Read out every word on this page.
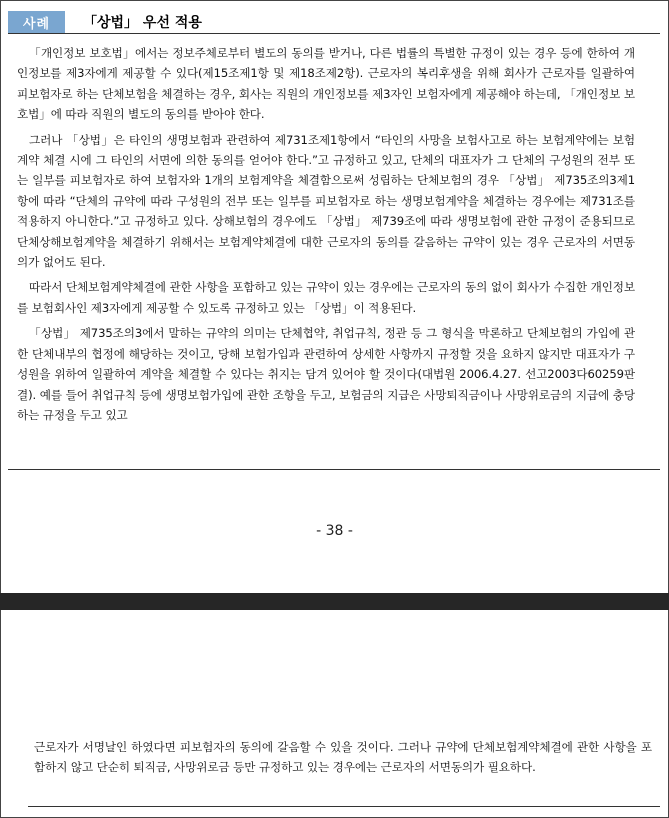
사례	「상법」 우선 적용

「개인정보 보호법」에서는 정보주체로부터 별도의 동의를 받거나, 다른 법률의 특별한 규정이 있는 경우 등에 한하여 개인정보를 제3자에게 제공할 수 있다(제15조제1항 및 제18조제2항). 근로자의 복리후생을 위해 회사가 근로자를 일괄하여 피보험자로 하는 단체보험을 체결하는 경우, 회사는 직원의 개인정보를 제3자인 보험자에게 제공해야 하는데, 「개인정보 보호법」에 따라 직원의 별도의 동의를 받아야 한다.

그러나 「상법」은 타인의 생명보험과 관련하여 제731조제1항에서 “타인의 사망을 보험사고로 하는 보험계약에는 보험계약 체결 시에 그 타인의 서면에 의한 동의를 얻어야 한다.”고 규정하고 있고, 단체의 대표자가 그 단체의 구성원의 전부 또는 일부를 피보험자로 하여 보험자와 1개의 보험계약을 체결함으로써 성립하는 단체보험의 경우 「상법」 제735조의3제1항에 따라 “단체의 규약에 따라 구성원의 전부 또는 일부를 피보험자로 하는 생명보험계약을 체결하는 경우에는 제731조를 적용하지 아니한다.”고 규정하고 있다. 상해보험의 경우에도 「상법」 제739조에 따라 생명보험에 관한 규정이 준용되므로 단체상해보험계약을 체결하기 위해서는 보험계약체결에 대한 근로자의 동의를 갈음하는 규약이 있는 경우 근로자의 서면동의가 없어도 된다.

따라서 단체보험계약체결에 관한 사항을 포함하고 있는 규약이 있는 경우에는 근로자의 동의 없이 회사가 수집한 개인정보를 보험회사인 제3자에게 제공할 수 있도록 규정하고 있는 「상법」이 적용된다.

「상법」 제735조의3에서 말하는 규약의 의미는 단체협약, 취업규칙, 정관 등 그 형식을 막론하고 단체보험의 가입에 관한 단체내부의 협정에 해당하는 것이고, 당해 보험가입과 관련하여 상세한 사항까지 규정할 것을 요하지 않지만 대표자가 구성원을 위하여 일괄하여 계약을 체결할 수 있다는 취지는 담겨 있어야 할 것이다(대법원 2006.4.27. 선고2003다60259판결). 예를 들어 취업규칙 등에 생명보험가입에 관한 조항을 두고, 보험금의 지급은 사망퇴직금이나 사망위로금의 지급에 충당하는 규정을 두고 있고

- 38 -

근로자가 서명날인 하였다면 피보험자의 동의에 갈음할 수 있을 것이다. 그러나 규약에 단체보험계약체결에 관한 사항을 포함하지 않고 단순히 퇴직금, 사망위로금 등만 규정하고 있는 경우에는 근로자의 서면동의가 필요하다.
